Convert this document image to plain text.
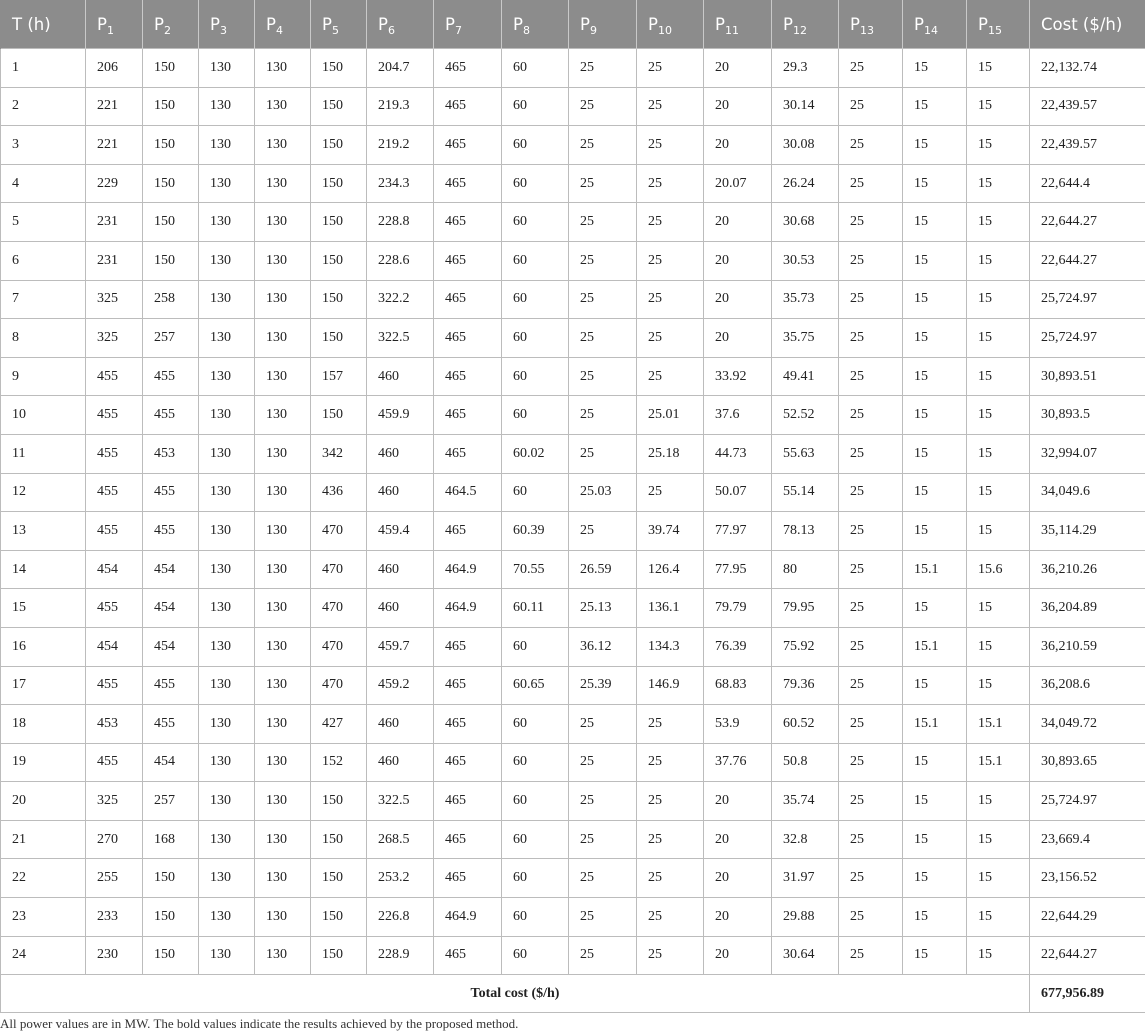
T (h)	$P_1$	$P_2$	$P_3$	$P_4$	$P_5$	$P_6$	$P_7$	$P_8$	$P_9$	$P_{10}$	$P_{11}$	$P_{12}$	$P_{13}$	$P_{14}$	$P_{15}$	Cost ($/h)
1	206	150	130	130	150	204.7	465	60	25	25	20	29.3	25	15	15	22,132.74
2	221	150	130	130	150	219.3	465	60	25	25	20	30.14	25	15	15	22,439.57
3	221	150	130	130	150	219.2	465	60	25	25	20	30.08	25	15	15	22,439.57
4	229	150	130	130	150	234.3	465	60	25	25	20.07	26.24	25	15	15	22,644.4
5	231	150	130	130	150	228.8	465	60	25	25	20	30.68	25	15	15	22,644.27
6	231	150	130	130	150	228.6	465	60	25	25	20	30.53	25	15	15	22,644.27
7	325	258	130	130	150	322.2	465	60	25	25	20	35.73	25	15	15	25,724.97
8	325	257	130	130	150	322.5	465	60	25	25	20	35.75	25	15	15	25,724.97
9	455	455	130	130	157	460	465	60	25	25	33.92	49.41	25	15	15	30,893.51
10	455	455	130	130	150	459.9	465	60	25	25.01	37.6	52.52	25	15	15	30,893.5
11	455	453	130	130	342	460	465	60.02	25	25.18	44.73	55.63	25	15	15	32,994.07
12	455	455	130	130	436	460	464.5	60	25.03	25	50.07	55.14	25	15	15	34,049.6
13	455	455	130	130	470	459.4	465	60.39	25	39.74	77.97	78.13	25	15	15	35,114.29
14	454	454	130	130	470	460	464.9	70.55	26.59	126.4	77.95	80	25	15.1	15.6	36,210.26
15	455	454	130	130	470	460	464.9	60.11	25.13	136.1	79.79	79.95	25	15	15	36,204.89
16	454	454	130	130	470	459.7	465	60	36.12	134.3	76.39	75.92	25	15.1	15	36,210.59
17	455	455	130	130	470	459.2	465	60.65	25.39	146.9	68.83	79.36	25	15	15	36,208.6
18	453	455	130	130	427	460	465	60	25	25	53.9	60.52	25	15.1	15.1	34,049.72
19	455	454	130	130	152	460	465	60	25	25	37.76	50.8	25	15	15.1	30,893.65
20	325	257	130	130	150	322.5	465	60	25	25	20	35.74	25	15	15	25,724.97
21	270	168	130	130	150	268.5	465	60	25	25	20	32.8	25	15	15	23,669.4
22	255	150	130	130	150	253.2	465	60	25	25	20	31.97	25	15	15	23,156.52
23	233	150	130	130	150	226.8	464.9	60	25	25	20	29.88	25	15	15	22,644.29
24	230	150	130	130	150	228.9	465	60	25	25	20	30.64	25	15	15	22,644.27
Total cost ($/h)																677,956.89
All power values are in MW. The bold values indicate the results achieved by the proposed method.
